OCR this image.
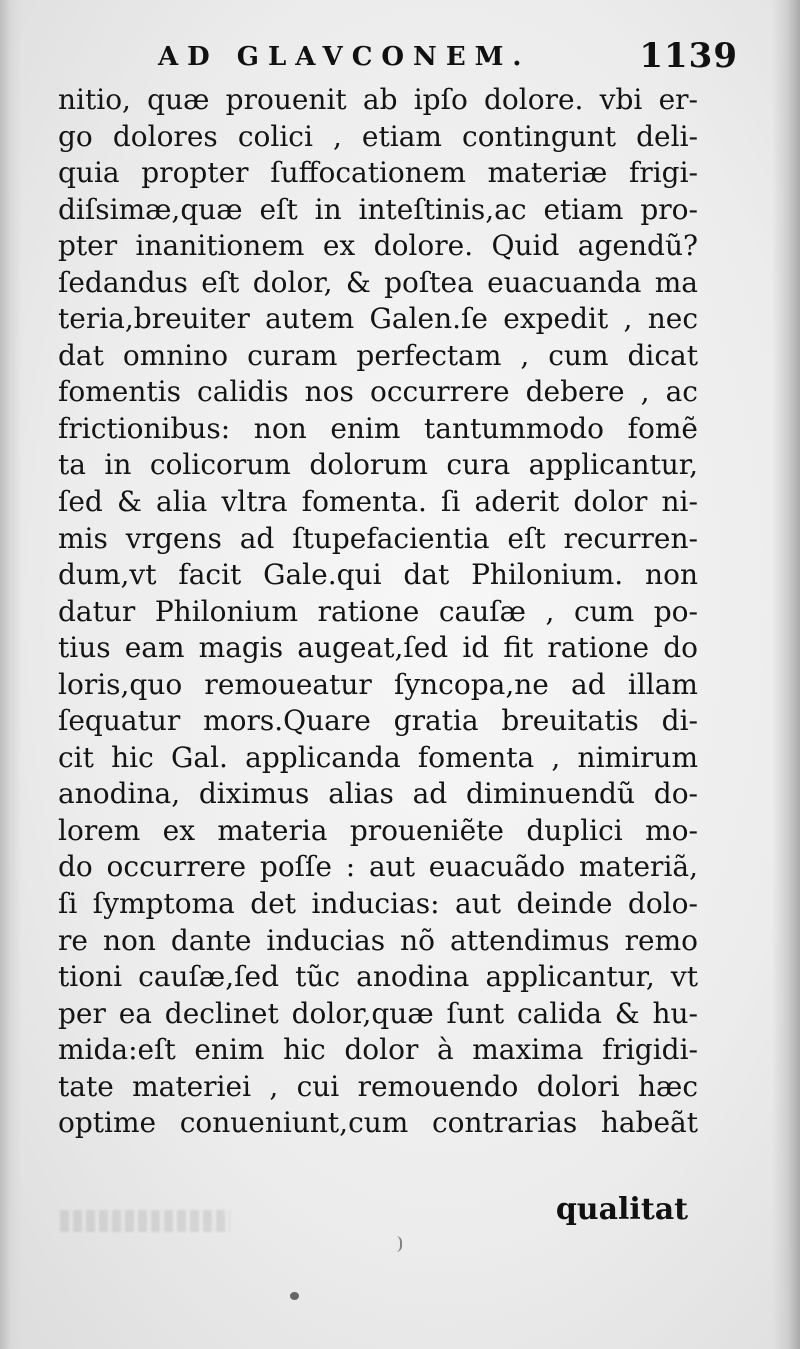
AD GLAVCONEM.	1139
nitio, quæ prouenit ab ipſo dolore. vbi er-
go dolores colici , etiam contingunt deli-
quia propter ſuffocationem materiæ frigi-
diſsimæ,quæ eſt in inteſtinis,ac etiam pro-
pter inanitionem ex dolore. Quid agendũ?
ſedandus eſt dolor, & poſtea euacuanda ma
teria,breuiter autem Galen.ſe expedit , nec
dat omnino curam perfectam , cum dicat
fomentis calidis nos occurrere debere , ac
frictionibus: non enim tantummodo fomẽ
ta in colicorum dolorum cura applicantur,
ſed & alia vltra fomenta. ſi aderit dolor ni-
mis vrgens ad ſtupefacientia eſt recurren-
dum,vt facit Gale.qui dat Philonium. non
datur Philonium ratione cauſæ , cum po-
tius eam magis augeat,ſed id fit ratione do
loris,quo remoueatur ſyncopa,ne ad illam
ſequatur mors.Quare gratia breuitatis di-
cit hic Gal. applicanda fomenta , nimirum
anodina, diximus alias ad diminuendũ do-
lorem ex materia proueniẽte duplici mo-
do occurrere poſſe : aut euacuãdo materiã,
ſi ſymptoma det inducias: aut deinde dolo-
re non dante inducias nõ attendimus remo
tioni cauſæ,ſed tũc anodina applicantur, vt
per ea declinet dolor,quæ ſunt calida & hu-
mida:eſt enim hic dolor à maxima frigidi-
tate materiei , cui remouendo dolori hæc
optime conueniunt,cum contrarias habeãt
qualitat
